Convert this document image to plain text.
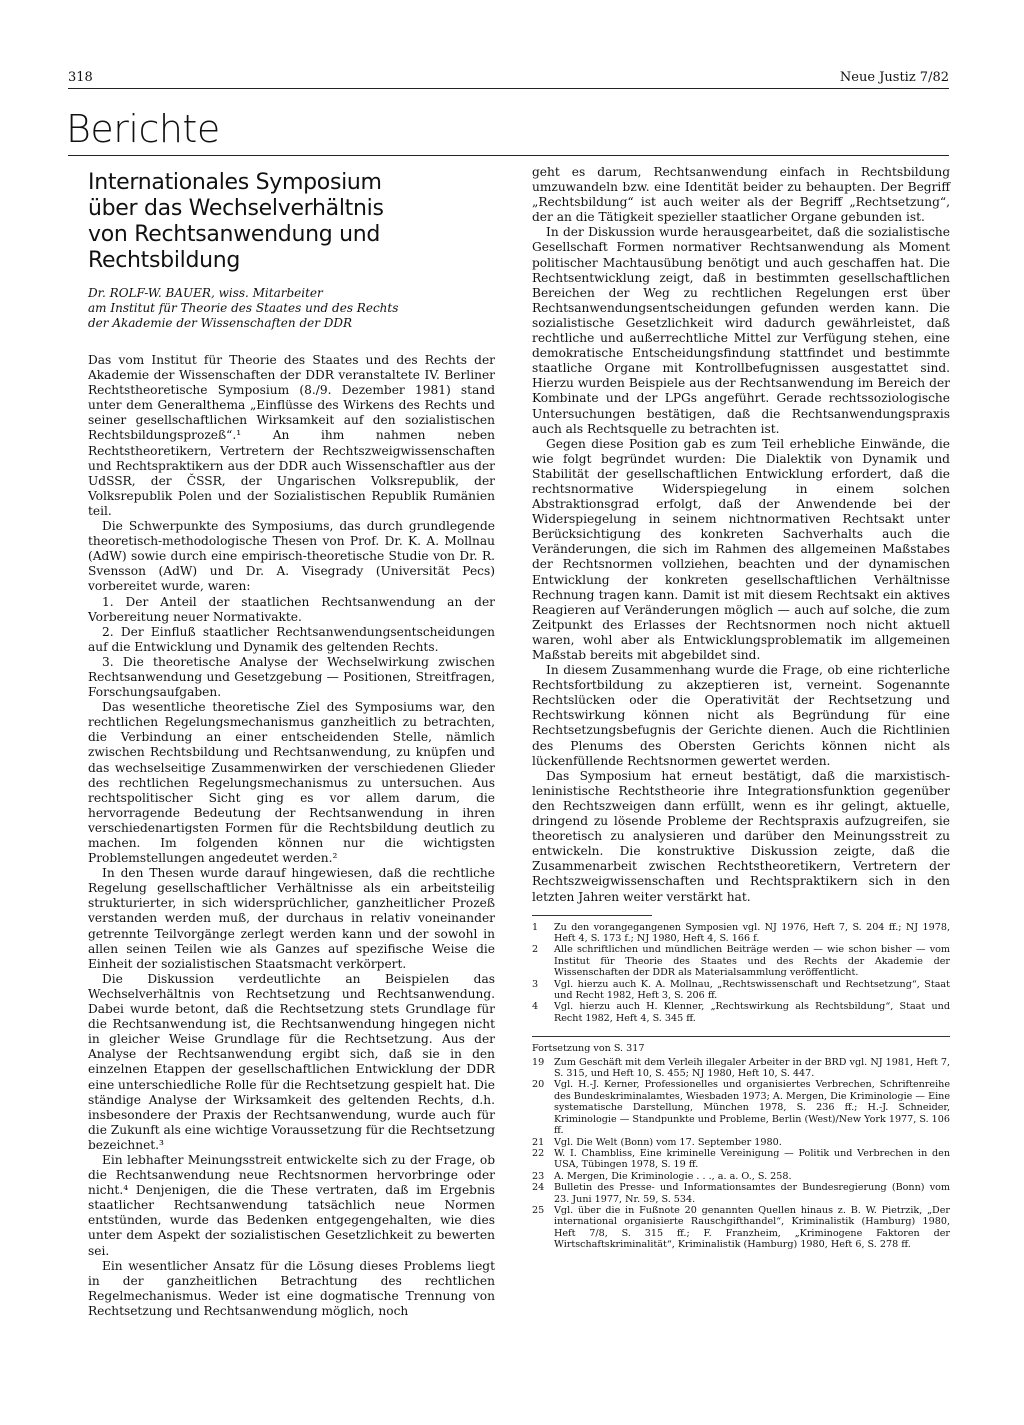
318	Neue Justiz 7/82
Berichte
Internationales Symposium
über das Wechselverhältnis
von Rechtsanwendung und Rechtsbildung
Dr. ROLF-W. BAUER, wiss. Mitarbeiter
am Institut für Theorie des Staates und des Rechts
der Akademie der Wissenschaften der DDR

Das vom Institut für Theorie des Staates und des Rechts der Akademie der Wissenschaften der DDR veranstaltete IV. Berliner Rechtstheoretische Symposium (8./9. Dezember 1981) stand unter dem Generalthema „Einflüsse des Wirkens des Rechts und seiner gesellschaftlichen Wirksamkeit auf den sozialistischen Rechtsbildungsprozeß“.¹ An ihm nahmen neben Rechtstheoretikern, Vertretern der Rechtszweigwissenschaften und Rechtspraktikern aus der DDR auch Wissenschaftler aus der UdSSR, der ČSSR, der Ungarischen Volksrepublik, der Volksrepublik Polen und der Sozialistischen Republik Rumänien teil.

Die Schwerpunkte des Symposiums, das durch grundlegende theoretisch-methodologische Thesen von Prof. Dr. K. A. Mollnau (AdW) sowie durch eine empirisch-theoretische Studie von Dr. R. Svensson (AdW) und Dr. A. Visegrady (Universität Pecs) vorbereitet wurde, waren:

1. Der Anteil der staatlichen Rechtsanwendung an der Vorbereitung neuer Normativakte.

2. Der Einfluß staatlicher Rechtsanwendungsentscheidungen auf die Entwicklung und Dynamik des geltenden Rechts.

3. Die theoretische Analyse der Wechselwirkung zwischen Rechtsanwendung und Gesetzgebung — Positionen, Streitfragen, Forschungsaufgaben.

Das wesentliche theoretische Ziel des Symposiums war, den rechtlichen Regelungsmechanismus ganzheitlich zu betrachten, die Verbindung an einer entscheidenden Stelle, nämlich zwischen Rechtsbildung und Rechtsanwendung, zu knüpfen und das wechselseitige Zusammenwirken der verschiedenen Glieder des rechtlichen Regelungsmechanismus zu untersuchen. Aus rechtspolitischer Sicht ging es vor allem darum, die hervorragende Bedeutung der Rechtsanwendung in ihren verschiedenartigsten Formen für die Rechtsbildung deutlich zu machen. Im folgenden können nur die wichtigsten Problemstellungen angedeutet werden.²

In den Thesen wurde darauf hingewiesen, daß die rechtliche Regelung gesellschaftlicher Verhältnisse als ein arbeitsteilig strukturierter, in sich widersprüchlicher, ganzheitlicher Prozeß verstanden werden muß, der durchaus in relativ voneinander getrennte Teilvorgänge zerlegt werden kann und der sowohl in allen seinen Teilen wie als Ganzes auf spezifische Weise die Einheit der sozialistischen Staatsmacht verkörpert.

Die Diskussion verdeutlichte an Beispielen das Wechselverhältnis von Rechtsetzung und Rechtsanwendung. Dabei wurde betont, daß die Rechtsetzung stets Grundlage für die Rechtsanwendung ist, die Rechtsanwendung hingegen nicht in gleicher Weise Grundlage für die Rechtsetzung. Aus der Analyse der Rechtsanwendung ergibt sich, daß sie in den einzelnen Etappen der gesellschaftlichen Entwicklung der DDR eine unterschiedliche Rolle für die Rechtsetzung gespielt hat. Die ständige Analyse der Wirksamkeit des geltenden Rechts, d.h. insbesondere der Praxis der Rechtsanwendung, wurde auch für die Zukunft als eine wichtige Voraussetzung für die Rechtsetzung bezeichnet.³

Ein lebhafter Meinungsstreit entwickelte sich zu der Frage, ob die Rechtsanwendung neue Rechtsnormen hervorbringe oder nicht.⁴ Denjenigen, die die These vertraten, daß im Ergebnis staatlicher Rechtsanwendung tatsächlich neue Normen entstünden, wurde das Bedenken entgegengehalten, wie dies unter dem Aspekt der sozialistischen Gesetzlichkeit zu bewerten sei.

Ein wesentlicher Ansatz für die Lösung dieses Problems liegt in der ganzheitlichen Betrachtung des rechtlichen Regelmechanismus. Weder ist eine dogmatische Trennung von Rechtsetzung und Rechtsanwendung möglich, noch

geht es darum, Rechtsanwendung einfach in Rechtsbildung umzuwandeln bzw. eine Identität beider zu behaupten. Der Begriff „Rechtsbildung“ ist auch weiter als der Begriff „Rechtsetzung“, der an die Tätigkeit spezieller staatlicher Organe gebunden ist.

In der Diskussion wurde herausgearbeitet, daß die sozialistische Gesellschaft Formen normativer Rechtsanwendung als Moment politischer Machtausübung benötigt und auch geschaffen hat. Die Rechtsentwicklung zeigt, daß in bestimmten gesellschaftlichen Bereichen der Weg zu rechtlichen Regelungen erst über Rechtsanwendungsentscheidungen gefunden werden kann. Die sozialistische Gesetzlichkeit wird dadurch gewährleistet, daß rechtliche und außerrechtliche Mittel zur Verfügung stehen, eine demokratische Entscheidungsfindung stattfindet und bestimmte staatliche Organe mit Kontrollbefugnissen ausgestattet sind. Hierzu wurden Beispiele aus der Rechtsanwendung im Bereich der Kombinate und der LPGs angeführt. Gerade rechtssoziologische Untersuchungen bestätigen, daß die Rechtsanwendungspraxis auch als Rechtsquelle zu betrachten ist.

Gegen diese Position gab es zum Teil erhebliche Einwände, die wie folgt begründet wurden: Die Dialektik von Dynamik und Stabilität der gesellschaftlichen Entwicklung erfordert, daß die rechtsnormative Widerspiegelung in einem solchen Abstraktionsgrad erfolgt, daß der Anwendende bei der Widerspiegelung in seinem nichtnormativen Rechtsakt unter Berücksichtigung des konkreten Sachverhalts auch die Veränderungen, die sich im Rahmen des allgemeinen Maßstabes der Rechtsnormen vollziehen, beachten und der dynamischen Entwicklung der konkreten gesellschaftlichen Verhältnisse Rechnung tragen kann. Damit ist mit diesem Rechtsakt ein aktives Reagieren auf Veränderungen möglich — auch auf solche, die zum Zeitpunkt des Erlasses der Rechtsnormen noch nicht aktuell waren, wohl aber als Entwicklungsproblematik im allgemeinen Maßstab bereits mit abgebildet sind.

In diesem Zusammenhang wurde die Frage, ob eine richterliche Rechtsfortbildung zu akzeptieren ist, verneint. Sogenannte Rechtslücken oder die Operativität der Rechtsetzung und Rechtswirkung können nicht als Begründung für eine Rechtsetzungsbefugnis der Gerichte dienen. Auch die Richtlinien des Plenums des Obersten Gerichts können nicht als lückenfüllende Rechtsnormen gewertet werden.

Das Symposium hat erneut bestätigt, daß die marxistisch-leninistische Rechtstheorie ihre Integrationsfunktion gegenüber den Rechtszweigen dann erfüllt, wenn es ihr gelingt, aktuelle, dringend zu lösende Probleme der Rechtspraxis aufzugreifen, sie theoretisch zu analysieren und darüber den Meinungsstreit zu entwickeln. Die konstruktive Diskussion zeigte, daß die Zusammenarbeit zwischen Rechtstheoretikern, Vertretern der Rechtszweigwissenschaften und Rechtspraktikern sich in den letzten Jahren weiter verstärkt hat.

1	Zu den vorangegangenen Symposien vgl. NJ 1976, Heft 7, S. 204 ff.; NJ 1978, Heft 4, S. 173 f.; NJ 1980, Heft 4, S. 166 f.
2	Alle schriftlichen und mündlichen Beiträge werden — wie schon bisher — vom Institut für Theorie des Staates und des Rechts der Akademie der Wissenschaften der DDR als Materialsammlung veröffentlicht.
3	Vgl. hierzu auch K. A. Mollnau, „Rechtswissenschaft und Rechtsetzung“, Staat und Recht 1982, Heft 3, S. 206 ff.
4	Vgl. hierzu auch H. Klenner, „Rechtswirkung als Rechtsbildung“, Staat und Recht 1982, Heft 4, S. 345 ff.
Fortsetzung von S. 317
19	Zum Geschäft mit dem Verleih illegaler Arbeiter in der BRD vgl. NJ 1981, Heft 7, S. 315, und Heft 10, S. 455; NJ 1980, Heft 10, S. 447.
20	Vgl. H.-J. Kerner, Professionelles und organisiertes Verbrechen, Schriftenreihe des Bundeskriminalamtes, Wiesbaden 1973; A. Mergen, Die Kriminologie — Eine systematische Darstellung, München 1978, S. 236 ff.; H.-J. Schneider, Kriminologie — Standpunkte und Probleme, Berlin (West)/New York 1977, S. 106 ff.
21	Vgl. Die Welt (Bonn) vom 17. September 1980.
22	W. I. Chambliss, Eine kriminelle Vereinigung — Politik und Verbrechen in den USA, Tübingen 1978, S. 19 ff.
23	A. Mergen, Die Kriminologie . . ., a. a. O., S. 258.
24	Bulletin des Presse- und Informationsamtes der Bundesregierung (Bonn) vom 23. Juni 1977, Nr. 59, S. 534.
25	Vgl. über die in Fußnote 20 genannten Quellen hinaus z. B. W. Pietrzik, „Der international organisierte Rauschgifthandel“, Kriminalistik (Hamburg) 1980, Heft 7/8, S. 315 ff.; F. Franzheim, „Kriminogene Faktoren der Wirtschaftskriminalität“, Kriminalistik (Hamburg) 1980, Heft 6, S. 278 ff.
